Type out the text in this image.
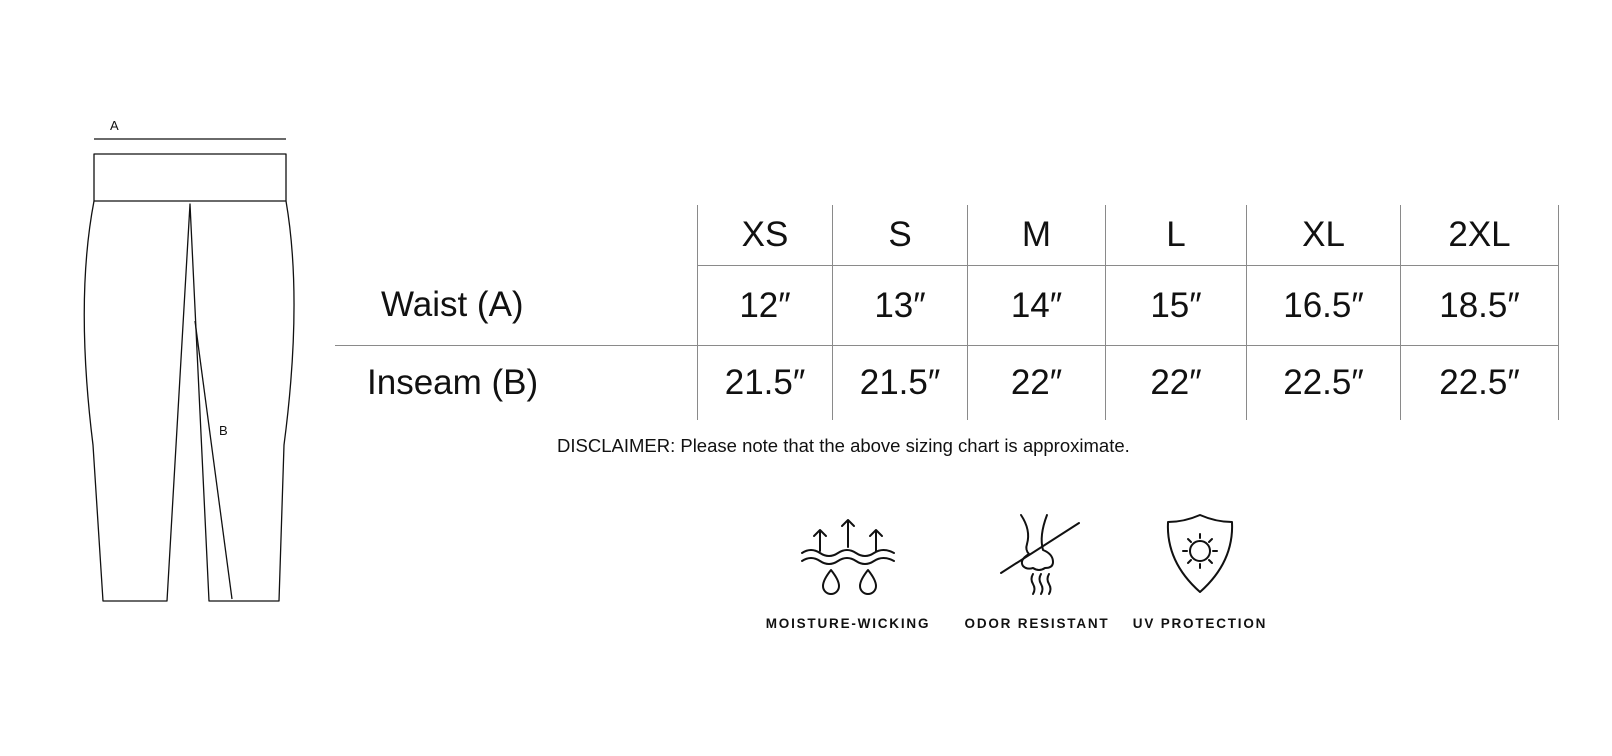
A
B
	XS	S	M	L	XL	2XL
Waist (A)	12″	13″	14″	15″	16.5″	18.5″
Inseam (B)	21.5″	21.5″	22″	22″	22.5″	22.5″
DISCLAIMER: Please note that the above sizing chart is approximate.
MOISTURE-WICKING	ODOR RESISTANT	UV PROTECTION
